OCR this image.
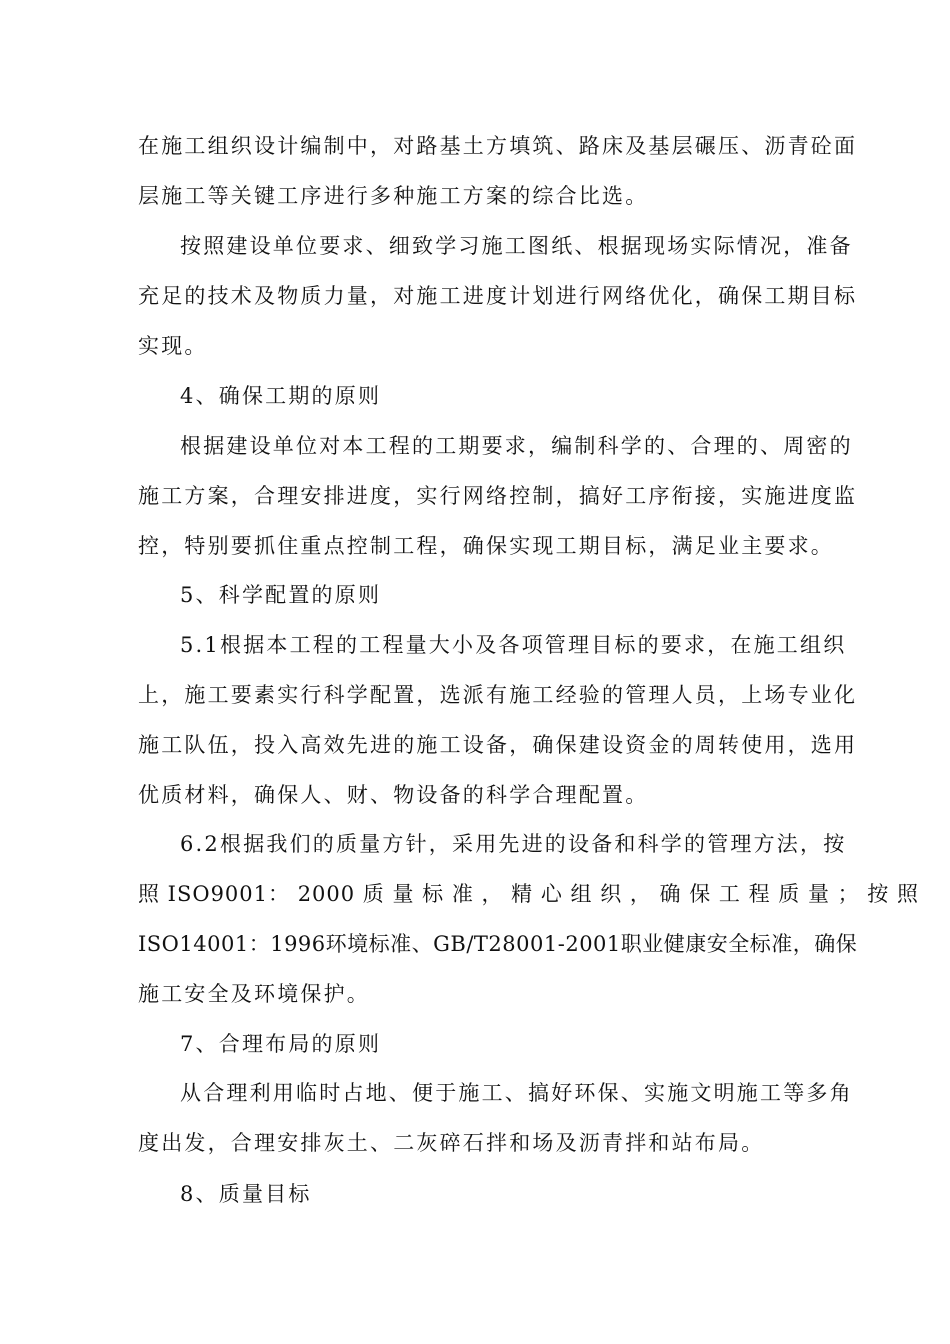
在施工组织设计编制中，对路基土方填筑、路床及基层碾压、沥青砼面
层施工等关键工序进行多种施工方案的综合比选。
按照建设单位要求、细致学习施工图纸、根据现场实际情况，准备
充足的技术及物质力量，对施工进度计划进行网络优化，确保工期目标
实现。
4、确保工期的原则
根据建设单位对本工程的工期要求，编制科学的、合理的、周密的
施工方案，合理安排进度，实行网络控制，搞好工序衔接，实施进度监
控，特别要抓住重点控制工程，确保实现工期目标，满足业主要求。
5、科学配置的原则
5.1根据本工程的工程量大小及各项管理目标的要求，在施工组织
上，施工要素实行科学配置，选派有施工经验的管理人员，上场专业化
施工队伍，投入高效先进的施工设备，确保建设资金的周转使用，选用
优质材料，确保人、财、物设备的科学合理配置。
6.2根据我们的质量方针，采用先进的设备和科学的管理方法，按
照 ISO9001： 2000 质 量 标 准 ， 精 心 组 织 ， 确 保 工 程 质 量 ； 按 照
ISO14001：1996环境标准、GB/T28001-2001职业健康安全标准，确保
施工安全及环境保护。
7、合理布局的原则
从合理利用临时占地、便于施工、搞好环保、实施文明施工等多角
度出发，合理安排灰土、二灰碎石拌和场及沥青拌和站布局。
8、质量目标
